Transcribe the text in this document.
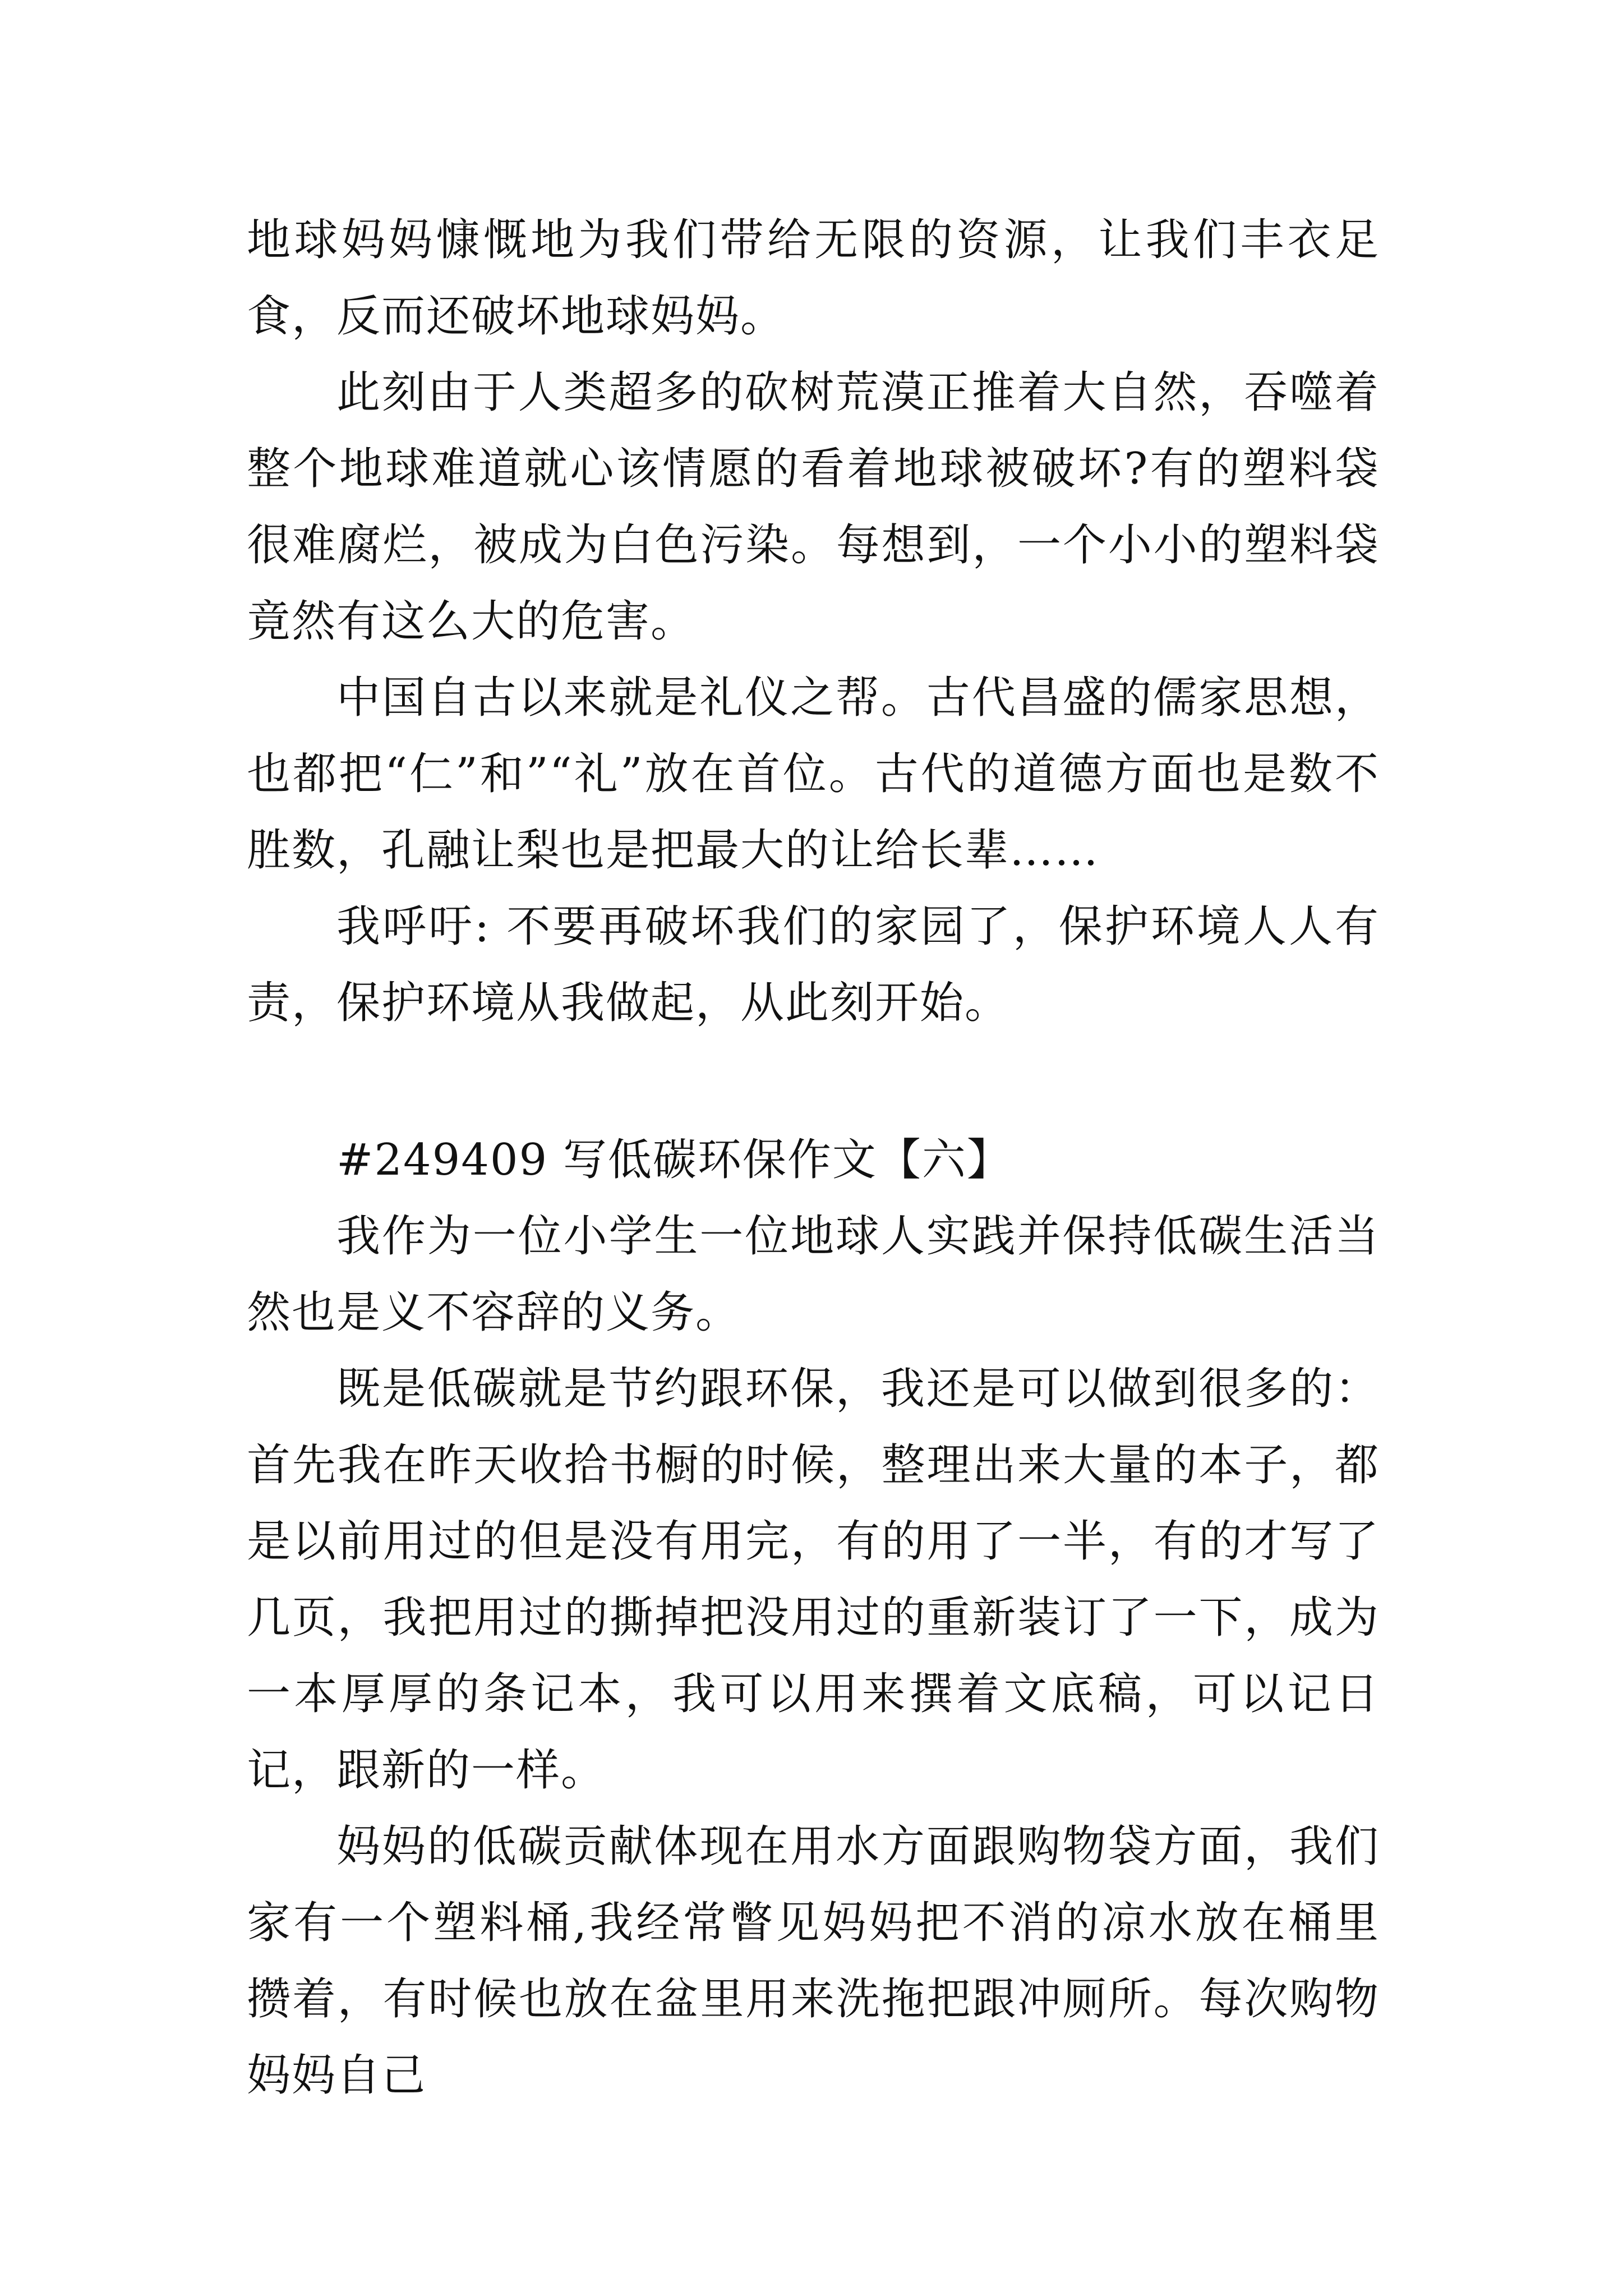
地球妈妈慷慨地为我们带给无限的资源，让我们丰衣足食，反而还破坏地球妈妈。

此刻由于人类超多的砍树荒漠正推着大自然，吞噬着整个地球难道就心该情愿的看着地球被破坏?有的塑料袋很难腐烂，被成为白色污染。每想到，一个小小的塑料袋竟然有这么大的危害。

中国自古以来就是礼仪之帮。古代昌盛的儒家思想，也都把“仁”和”“礼”放在首位。古代的道德方面也是数不胜数，孔融让梨也是把最大的让给长辈……

我呼吁: 不要再破坏我们的家园了，保护环境人人有责，保护环境从我做起，从此刻开始。

#249409 写低碳环保作文【六】

我作为一位小学生一位地球人实践并保持低碳生活当然也是义不容辞的义务。

既是低碳就是节约跟环保，我还是可以做到很多的：首先我在昨天收拾书橱的时候，整理出来大量的本子，都是以前用过的但是没有用完，有的用了一半，有的才写了几页，我把用过的撕掉把没用过的重新装订了一下，成为一本厚厚的条记本，我可以用来撰着文底稿，可以记日记，跟新的一样。

妈妈的低碳贡献体现在用水方面跟购物袋方面，我们家有一个塑料桶,我经常瞥见妈妈把不消的凉水放在桶里攒着，有时候也放在盆里用来洗拖把跟冲厕所。每次购物妈妈自己
